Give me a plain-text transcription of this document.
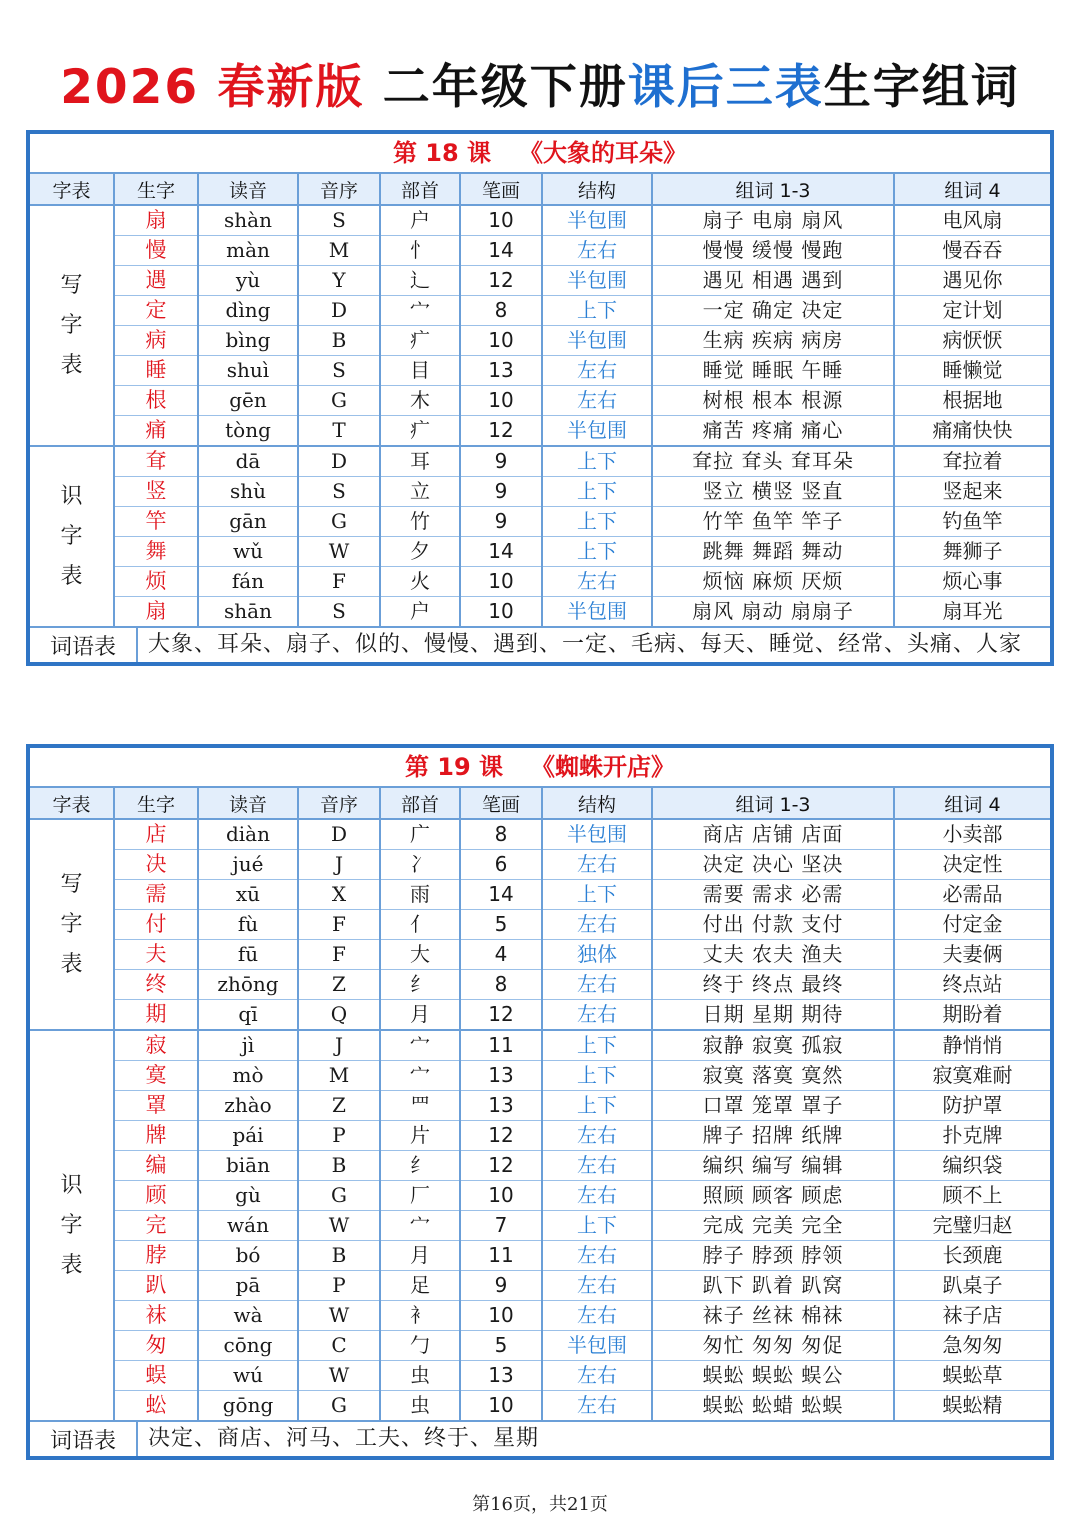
2026 春新版 二年级下册课后三表生字组词
第 18 课 《大象的耳朵》
字表	生字	读音	音序	部首	笔画	结构	组词 1-3	组词 4

写
字
表	扇	shàn	S	户	10	半包围	扇子 电扇 扇风	电风扇
	慢	màn	M	忄	14	左右	慢慢 缓慢 慢跑	慢吞吞
	遇	yù	Y	辶	12	半包围	遇见 相遇 遇到	遇见你
	定	dìng	D	宀	8	上下	一定 确定 决定	定计划
	病	bìng	B	疒	10	半包围	生病 疾病 病房	病恹恹
	睡	shuì	S	目	13	左右	睡觉 睡眠 午睡	睡懒觉
	根	gēn	G	木	10	左右	树根 根本 根源	根据地
	痛	tòng	T	疒	12	半包围	痛苦 疼痛 痛心	痛痛快快

识
字
表	耷	dā	D	耳	9	上下	耷拉 耷头 耷耳朵	耷拉着
	竖	shù	S	立	9	上下	竖立 横竖 竖直	竖起来
	竿	gān	G	竹	9	上下	竹竿 鱼竿 竿子	钓鱼竿
	舞	wǔ	W	夕	14	上下	跳舞 舞蹈 舞动	舞狮子
	烦	fán	F	火	10	左右	烦恼 麻烦 厌烦	烦心事
	扇	shān	S	户	10	半包围	扇风 扇动 扇扇子	扇耳光
词语表	大象、耳朵、扇子、似的、慢慢、遇到、一定、毛病、每天、睡觉、经常、头痛、人家
第 19 课 《蜘蛛开店》
字表	生字	读音	音序	部首	笔画	结构	组词 1-3	组词 4

写
字
表	店	diàn	D	广	8	半包围	商店 店铺 店面	小卖部
	决	jué	J	冫	6	左右	决定 决心 坚决	决定性
	需	xū	X	雨	14	上下	需要 需求 必需	必需品
	付	fù	F	亻	5	左右	付出 付款 支付	付定金
	夫	fū	F	大	4	独体	丈夫 农夫 渔夫	夫妻俩
	终	zhōng	Z	纟	8	左右	终于 终点 最终	终点站
	期	qī	Q	月	12	左右	日期 星期 期待	期盼着

识
字
表	寂	jì	J	宀	11	上下	寂静 寂寞 孤寂	静悄悄
	寞	mò	M	宀	13	上下	寂寞 落寞 寞然	寂寞难耐
	罩	zhào	Z	罒	13	上下	口罩 笼罩 罩子	防护罩
	牌	pái	P	片	12	左右	牌子 招牌 纸牌	扑克牌
	编	biān	B	纟	12	左右	编织 编写 编辑	编织袋
	顾	gù	G	厂	10	左右	照顾 顾客 顾虑	顾不上
	完	wán	W	宀	7	上下	完成 完美 完全	完璧归赵
	脖	bó	B	月	11	左右	脖子 脖颈 脖领	长颈鹿
	趴	pā	P	足	9	左右	趴下 趴着 趴窝	趴桌子
	袜	wà	W	衤	10	左右	袜子 丝袜 棉袜	袜子店
	匆	cōng	C	勹	5	半包围	匆忙 匆匆 匆促	急匆匆
	蜈	wú	W	虫	13	左右	蜈蚣 蜈蚣 蜈公	蜈蚣草
	蚣	gōng	G	虫	10	左右	蜈蚣 蚣蜡 蚣蜈	蜈蚣精
词语表	决定、商店、河马、工夫、终于、星期
第16页，共21页
